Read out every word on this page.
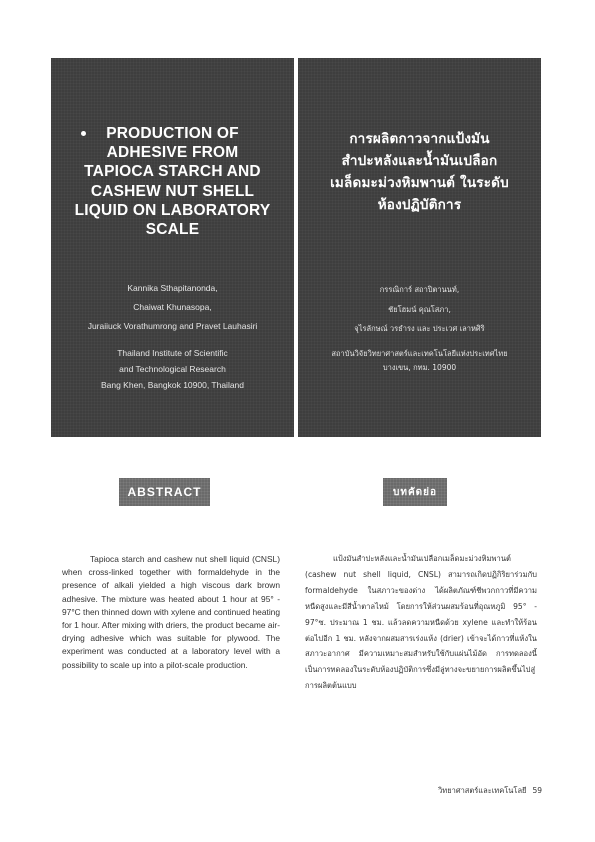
PRODUCTION OF
ADHESIVE FROM
TAPIOCA STARCH AND
CASHEW NUT SHELL
LIQUID ON LABORATORY
SCALE
Kannika Sthapitanonda,
Chaiwat Khunasopa,
Juraiiuck Vorathumrong and Pravet Lauhasiri
Thailand Institute of Scientific
and Technological Research
Bang Khen, Bangkok 10900, Thailand
การผลิตกาวจากแป้งมัน
สำปะหลังและน้ำมันเปลือก
เมล็ดมะม่วงหิมพานต์ ในระดับ
ห้องปฏิบัติการ
กรรณิการ์ สถาปิตานนท์,
ชัยโฮมน์ คุณโสภา,
จุไรลักษณ์ วรธำรง และ ประเวศ เลาหศิริ
สถาบันวิจัยวิทยาศาสตร์และเทคโนโลยีแห่งประเทศไทย
บางเขน, กทม. 10900
ABSTRACT	บทคัดย่อ

Tapioca starch and cashew nut shell liquid (CNSL) when cross-linked together with formaldehyde in the presence of alkali yielded a high viscous dark brown adhesive. The mixture was heated about 1 hour at 95° - 97°C then thinned down with xylene and continued heating for 1 hour. After mixing with driers, the product became air-drying adhesive which was suitable for plywood. The experiment was conducted at a laboratory level with a possibility to scale up into a pilot-scale production.

แป้งมันสำปะหลังและน้ำมันเปลือกเมล็ดมะม่วงหิมพานต์ (cashew nut shell liquid, CNSL) สามารถเกิดปฏิกิริยาร่วมกับ formaldehyde ในสภาวะของด่าง ได้ผลิตภัณฑ์ชีพวกกาวที่มีความหนืดสูงและมีสีน้ำตาลไหม้ โดยการให้ส่วนผสมร้อนที่อุณหภูมิ 95° - 97°ซ. ประมาณ 1 ชม. แล้วลดความหนืดด้วย xylene และทำให้ร้อนต่อไปอีก 1 ชม. หลังจากผสมสารเร่งแห้ง (drier) เข้าจะได้กาวที่แห้งในสภาวะอากาศ มีความเหมาะสมสำหรับใช้กับแผ่นไม้อัด การทดลองนี้เป็นการทดลองในระดับห้องปฏิบัติการซึ่งมีลู่ทางจะขยายการผลิตขึ้นไปสู่การผลิตต้นแบบ

วิทยาศาสตร์และเทคโนโลยี 59
